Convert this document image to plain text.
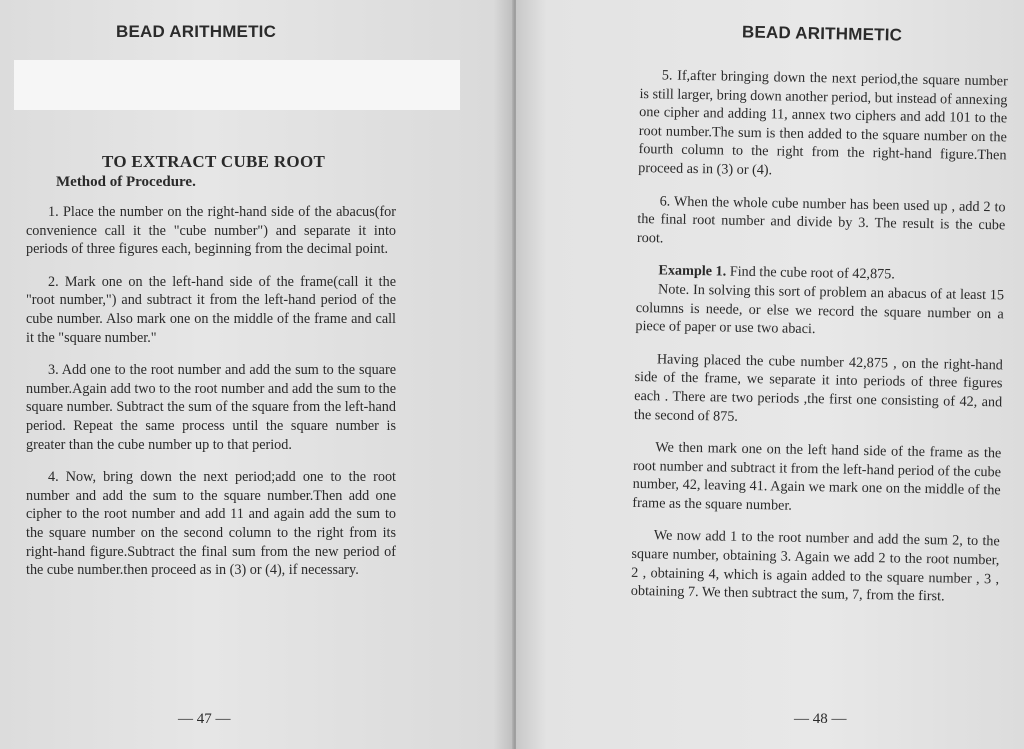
BEAD ARITHMETIC
TO EXTRACT CUBE ROOT
Method of Procedure.

1. Place the number on the right-hand side of the abacus(for convenience call it the "cube number") and separate it into periods of three figures each, beginning from the decimal point.

2. Mark one on the left-hand side of the frame(call it the "root number,") and subtract it from the left-hand period of the cube number. Also mark one on the middle of the frame and call it the "square number."

3. Add one to the root number and add the sum to the square number.Again add two to the root number and add the sum to the square number. Subtract the sum of the square from the left-hand period. Repeat the same process until the square number is greater than the cube number up to that period.

4. Now, bring down the next period;add one to the root number and add the sum to the square number.Then add one cipher to the root number and add 11 and again add the sum to the square number on the second column to the right from its right-hand figure.Subtract the final sum from the new period of the cube number.then proceed as in (3) or (4), if necessary.

— 47 —
BEAD ARITHMETIC

5. If,after bringing down the next period,the square number is still larger, bring down another period, but instead of annexing one cipher and adding 11, annex two ciphers and add 101 to the root number.The sum is then added to the square number on the fourth column to the right from the right-hand figure.Then proceed as in (3) or (4).

6. When the whole cube number has been used up , add 2 to the final root number and divide by 3. The result is the cube root.

Example 1. Find the cube root of 42,875.

Note. In solving this sort of problem an abacus of at least 15 columns is neede, or else we record the square number on a piece of paper or use two abaci.

Having placed the cube number 42,875 , on the right-hand side of the frame, we separate it into periods of three figures each . There are two periods ,the first one consisting of 42, and the second of 875.

We then mark one on the left hand side of the frame as the root number and subtract it from the left-hand period of the cube number, 42, leaving 41. Again we mark one on the middle of the frame as the square number.

We now add 1 to the root number and add the sum 2, to the square number, obtaining 3. Again we add 2 to the root number, 2 , obtaining 4, which is again added to the square number , 3 , obtaining 7. We then subtract the sum, 7, from the first.

— 48 —
